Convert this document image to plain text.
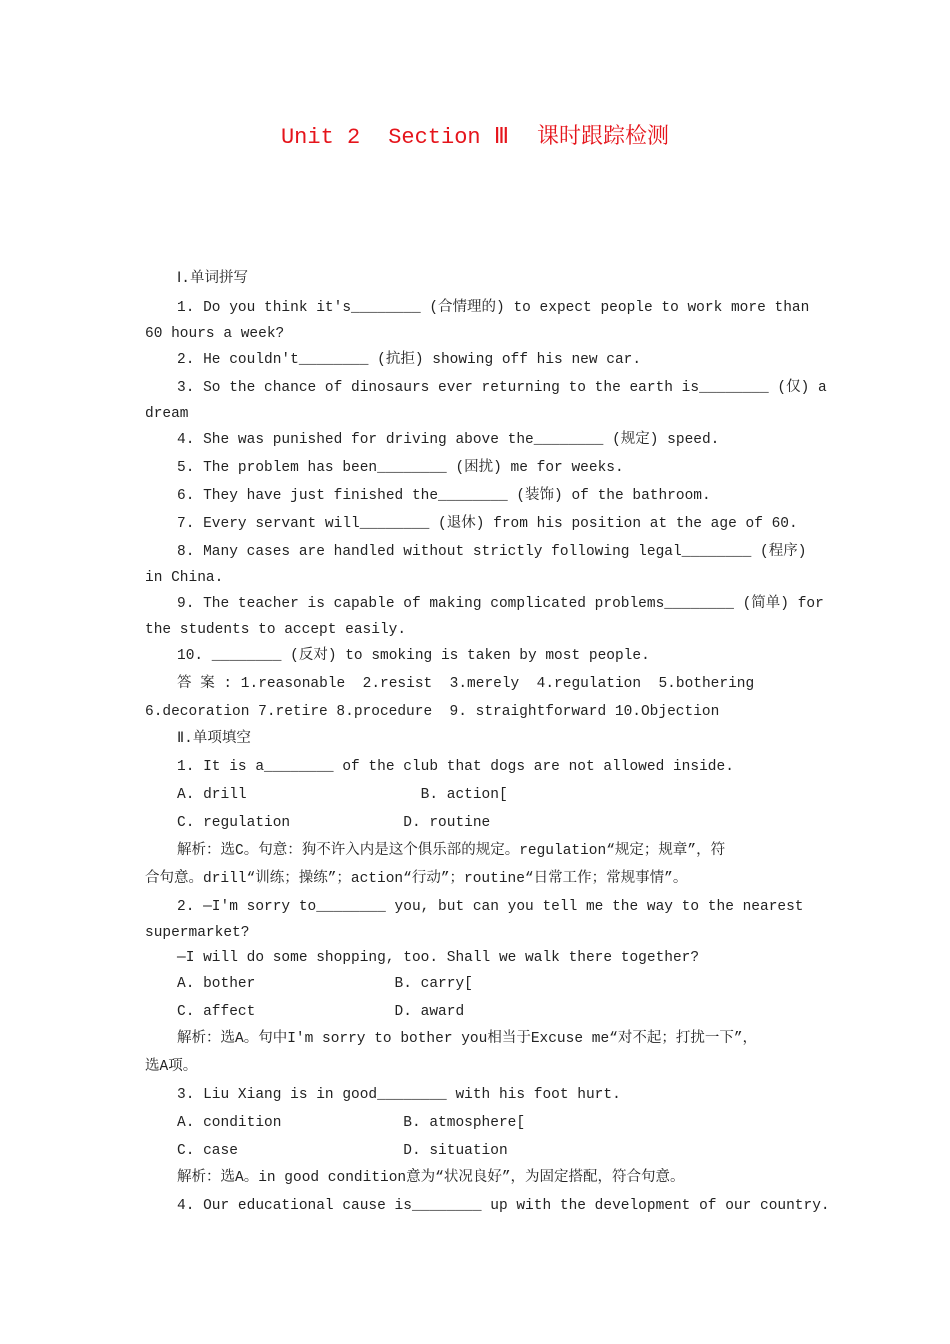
Unit 2 Section Ⅲ 课时跟踪检测
Ⅰ.单词拼写
1. Do you think it's________ (合情理的) to expect people to work more than
60 hours a week?
2. He couldn't________ (抗拒) showing off his new car.
3. So the chance of dinosaurs ever returning to the earth is________ (仅) a
dream
4. She was punished for driving above the________ (规定) speed.
5. The problem has been________ (困扰) me for weeks.
6. They have just finished the________ (装饰) of the bathroom.
7. Every servant will________ (退休) from his position at the age of 60.
8. Many cases are handled without strictly following legal________ (程序)
in China.
9. The teacher is capable of making complicated problems________ (简单) for
the students to accept easily.
10. ________ (反对) to smoking is taken by most people.
答 案 : 1.reasonable  2.resist  3.merely  4.regulation  5.bothering
6.decoration 7.retire 8.procedure  9. straightforward 10.Objection
Ⅱ.单项填空
1. It is a________ of the club that dogs are not allowed inside.
A. drill                    B. action[
C. regulation             D. routine
解析：选C。句意：狗不许入内是这个俱乐部的规定。regulation“规定；规章”，符
合句意。drill“训练；操练”；action“行动”；routine“日常工作；常规事情”。
2. —I'm sorry to________ you, but can you tell me the way to the nearest
supermarket?
—I will do some shopping, too. Shall we walk there together?
A. bother                B. carry[
C. affect                D. award
解析：选A。句中I'm sorry to bother you相当于Excuse me“对不起；打扰一下”，
选A项。
3. Liu Xiang is in good________ with his foot hurt.
A. condition              B. atmosphere[
C. case                   D. situation
解析：选A。in good condition意为“状况良好”，为固定搭配，符合句意。
4. Our educational cause is________ up with the development of our country.
